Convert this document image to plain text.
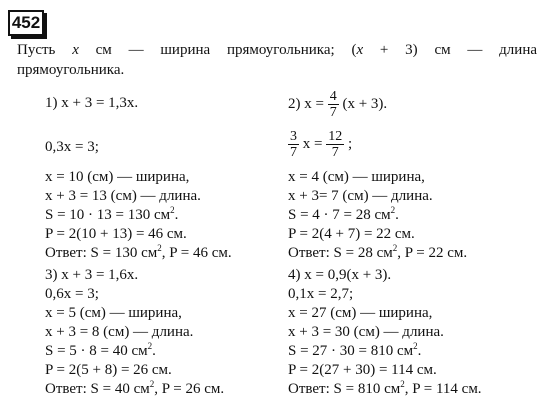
452
Пусть x см — ширина прямоугольника; (x + 3) см — длина
прямоугольника.
1) x + 3 = 1,3x.
0,3x = 3;
x = 10 (см) — ширина,
x + 3 = 13 (см) — длина.
S = 10 · 13 = 130 $см^2$.
P = 2(10 + 13) = 46 см.
Ответ: S = 130 $см^2$, P = 46 см.
2) $x = \frac{4}{7} (x + 3)$.
$\frac{3}{7}$ $x = \frac{12}{7}$ ;
x = 4 (см) — ширина,
x + 3= 7 (см) — длина.
S = 4 · 7 = 28 $см^2$.
P = 2(4 + 7) = 22 см.
Ответ: S = 28 $см^2$, P = 22 см.
3) x + 3 = 1,6x.
0,6x = 3;
x = 5 (см) — ширина,
x + 3 = 8 (см) — длина.
S = 5 · 8 = 40 $см^2$.
P = 2(5 + 8) = 26 см.
Ответ: S = 40 $см^2$, P = 26 см.
4) x = 0,9(x + 3).
0,1x = 2,7;
x = 27 (см) — ширина,
x + 3 = 30 (см) — длина.
S = 27 · 30 = 810 $см^2$.
P = 2(27 + 30) = 114 см.
Ответ: S = 810 $см^2$, P = 114 см.
